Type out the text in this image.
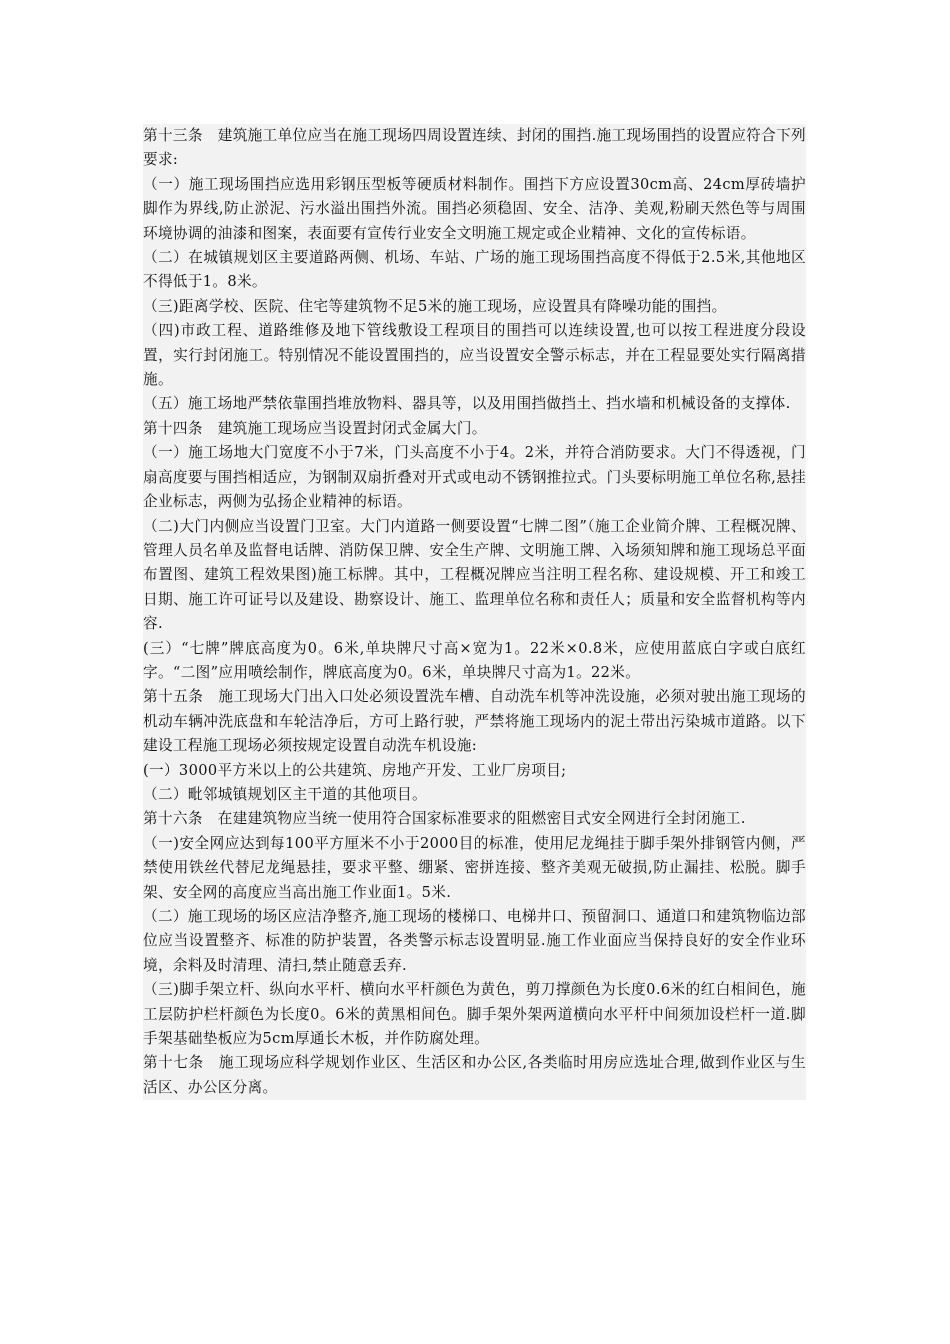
第十三条　建筑施工单位应当在施工现场四周设置连续、封闭的围挡.施工现场围挡的设置应符合下列要求:

（一）施工现场围挡应选用彩钢压型板等硬质材料制作。围挡下方应设置30cm高、24cm厚砖墙护脚作为界线,防止淤泥、污水溢出围挡外流。围挡必须稳固、安全、洁净、美观,粉刷天然色等与周围环境协调的油漆和图案，表面要有宣传行业安全文明施工规定或企业精神、文化的宣传标语。

（二）在城镇规划区主要道路两侧、机场、车站、广场的施工现场围挡高度不得低于2.5米,其他地区不得低于1。8米。

（三)距离学校、医院、住宅等建筑物不足5米的施工现场，应设置具有降噪功能的围挡。

（四)市政工程、道路维修及地下管线敷设工程项目的围挡可以连续设置,也可以按工程进度分段设置，实行封闭施工。特别情况不能设置围挡的，应当设置安全警示标志，并在工程显要处实行隔离措施。

（五）施工场地严禁依靠围挡堆放物料、器具等，以及用围挡做挡土、挡水墙和机械设备的支撑体.

第十四条　建筑施工现场应当设置封闭式金属大门。

（一）施工场地大门宽度不小于7米，门头高度不小于4。2米，并符合消防要求。大门不得透视，门扇高度要与围挡相适应，为钢制双扇折叠对开式或电动不锈钢推拉式。门头要标明施工单位名称,悬挂企业标志，两侧为弘扬企业精神的标语。

（二)大门内侧应当设置门卫室。大门内道路一侧要设置“七牌二图”（施工企业简介牌、工程概况牌、管理人员名单及监督电话牌、消防保卫牌、安全生产牌、文明施工牌、入场须知牌和施工现场总平面布置图、建筑工程效果图)施工标牌。其中，工程概况牌应当注明工程名称、建设规模、开工和竣工日期、施工许可证号以及建设、勘察设计、施工、监理单位名称和责任人；质量和安全监督机构等内容.

(三）“七牌”牌底高度为0。6米,单块牌尺寸高×宽为1。22米×0.8米，应使用蓝底白字或白底红字。“二图”应用喷绘制作，牌底高度为0。6米，单块牌尺寸高为1。22米。

第十五条　施工现场大门出入口处必须设置洗车槽、自动洗车机等冲洗设施，必须对驶出施工现场的机动车辆冲洗底盘和车轮洁净后，方可上路行驶，严禁将施工现场内的泥土带出污染城市道路。以下建设工程施工现场必须按规定设置自动洗车机设施:

(一）3000平方米以上的公共建筑、房地产开发、工业厂房项目;

（二）毗邻城镇规划区主干道的其他项目。

第十六条　在建建筑物应当统一使用符合国家标准要求的阻燃密目式安全网进行全封闭施工.

（一)安全网应达到每100平方厘米不小于2000目的标准，使用尼龙绳挂于脚手架外排钢管内侧，严禁使用铁丝代替尼龙绳悬挂，要求平整、绷紧、密拼连接、整齐美观无破损,防止漏挂、松脱。脚手架、安全网的高度应当高出施工作业面1。5米.

（二）施工现场的场区应洁净整齐,施工现场的楼梯口、电梯井口、预留洞口、通道口和建筑物临边部位应当设置整齐、标准的防护装置，各类警示标志设置明显.施工作业面应当保持良好的安全作业环境，余料及时清理、清扫,禁止随意丢弃.

（三)脚手架立杆、纵向水平杆、横向水平杆颜色为黄色，剪刀撑颜色为长度0.6米的红白相间色，施工层防护栏杆颜色为长度0。6米的黄黑相间色。脚手架外架两道横向水平杆中间须加设栏杆一道.脚手架基础垫板应为5cm厚通长木板，并作防腐处理。

第十七条　施工现场应科学规划作业区、生活区和办公区,各类临时用房应选址合理,做到作业区与生活区、办公区分离。
